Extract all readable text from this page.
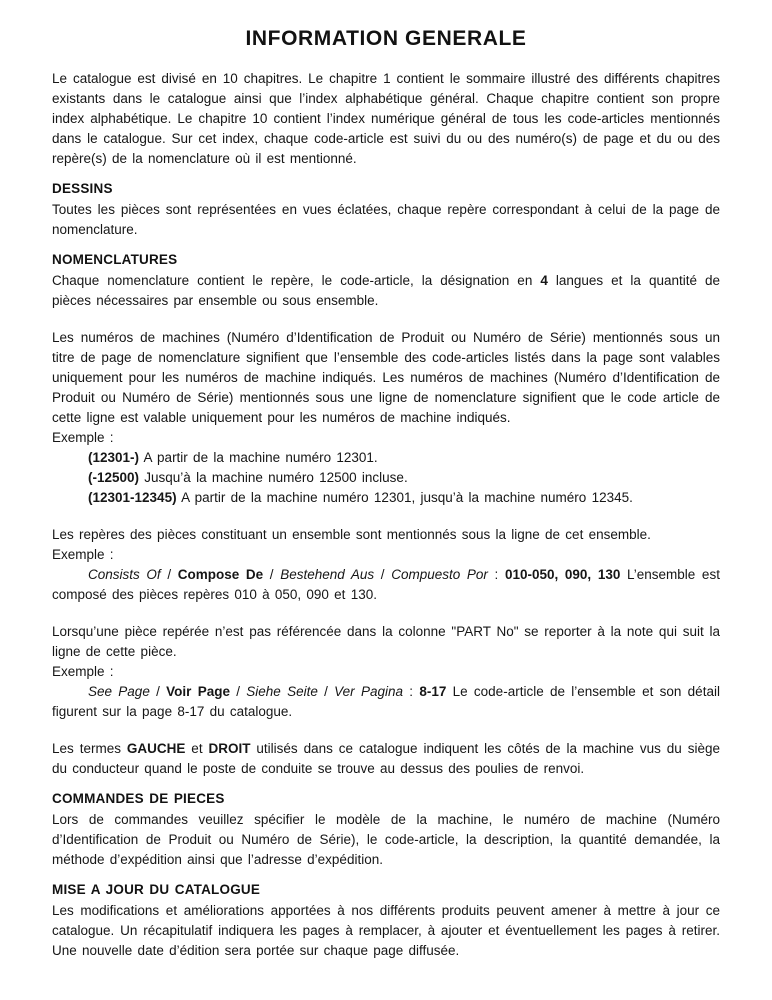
INFORMATION GENERALE

Le catalogue est divisé en 10 chapitres. Le chapitre 1 contient le sommaire illustré des différents chapitres existants dans le catalogue ainsi que l’index alphabétique général. Chaque chapitre contient son propre index alphabétique. Le chapitre 10 contient l’index numérique général de tous les code-articles mentionnés dans le catalogue. Sur cet index, chaque code-article est suivi du ou des numéro(s) de page et du ou des repère(s) de la nomenclature où il est mentionné.

DESSINS

Toutes les pièces sont représentées en vues éclatées, chaque repère correspondant à celui de la page de nomenclature.

NOMENCLATURES

Chaque nomenclature contient le repère, le code-article, la désignation en 4 langues et la quantité de pièces nécessaires par ensemble ou sous ensemble.

Les numéros de machines (Numéro d’Identification de Produit ou Numéro de Série) mentionnés sous un titre de page de nomenclature signifient que l’ensemble des code-articles listés dans la page sont valables uniquement pour les numéros de machine indiqués. Les numéros de machines (Numéro d’Identification de Produit ou Numéro de Série) mentionnés sous une ligne de nomenclature signifient que le code article de cette ligne est valable uniquement pour les numéros de machine indiqués.

Exemple :

(12301-) A partir de la machine numéro 12301.

(-12500) Jusqu’à la machine numéro 12500 incluse.

(12301-12345) A partir de la machine numéro 12301, jusqu’à la machine numéro 12345.

Les repères des pièces constituant un ensemble sont mentionnés sous la ligne de cet ensemble.

Exemple :

Consists Of / Compose De / Bestehend Aus / Compuesto Por : 010-050, 090, 130 L’ensemble est composé des pièces repères 010 à 050, 090 et 130.

Lorsqu’une pièce repérée n’est pas référencée dans la colonne "PART No" se reporter à la note qui suit la ligne de cette pièce.

Exemple :

See Page / Voir Page / Siehe Seite / Ver Pagina : 8-17 Le code-article de l’ensemble et son détail figurent sur la page 8-17 du catalogue.

Les termes GAUCHE et DROIT utilisés dans ce catalogue indiquent les côtés de la machine vus du siège du conducteur quand le poste de conduite se trouve au dessus des poulies de renvoi.

COMMANDES DE PIECES

Lors de commandes veuillez spécifier le modèle de la machine, le numéro de machine (Numéro d’Identification de Produit ou Numéro de Série), le code-article, la description, la quantité demandée, la méthode d’expédition ainsi que l’adresse d’expédition.

MISE A JOUR DU CATALOGUE

Les modifications et améliorations apportées à nos différents produits peuvent amener à mettre à jour ce catalogue. Un récapitulatif indiquera les pages à remplacer, à ajouter et éventuellement les pages à retirer. Une nouvelle date d’édition sera portée sur chaque page diffusée.
